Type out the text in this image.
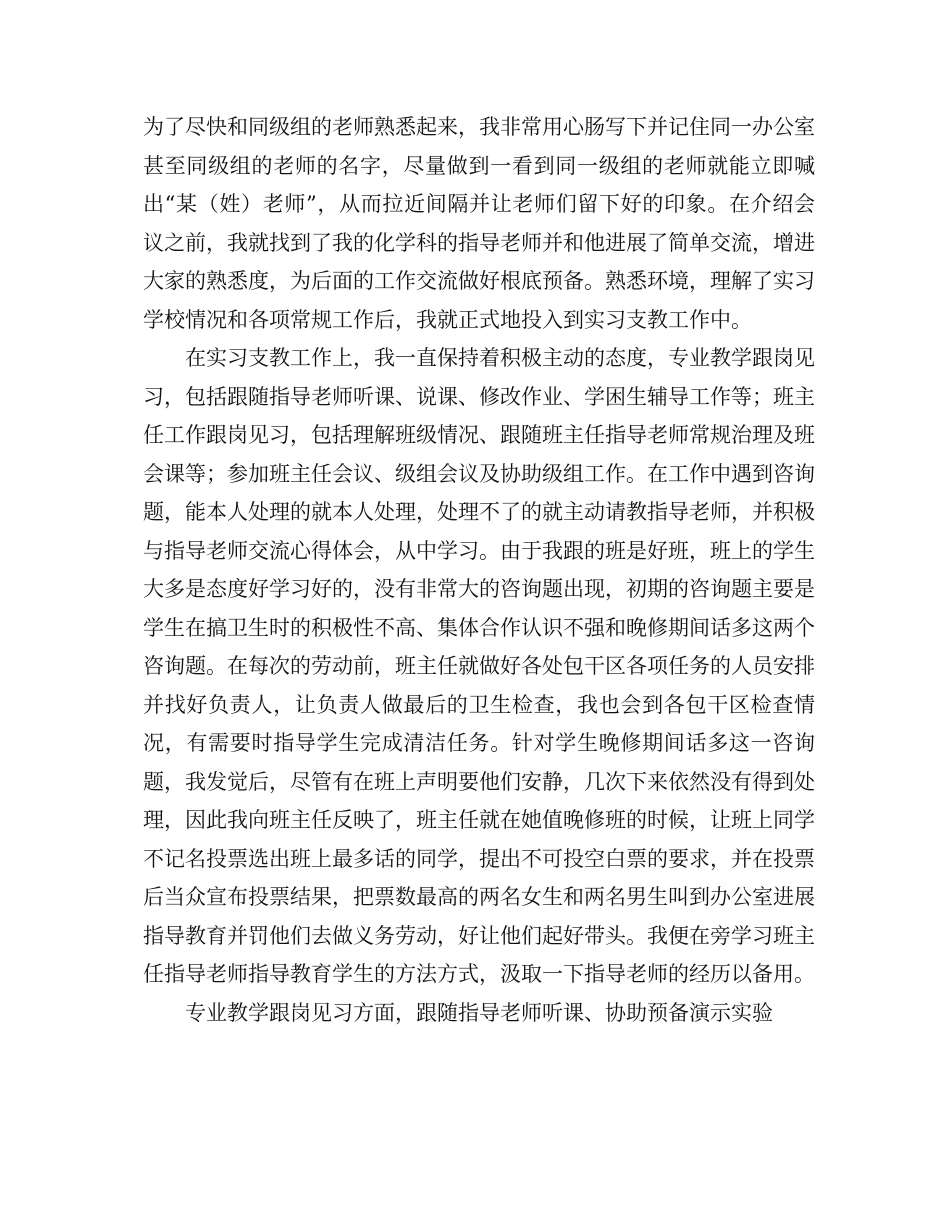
为了尽快和同级组的老师熟悉起来，我非常用心肠写下并记住同一办公室甚至同级组的老师的名字，尽量做到一看到同一级组的老师就能立即喊出“某（姓）老师”，从而拉近间隔并让老师们留下好的印象。在介绍会议之前，我就找到了我的化学科的指导老师并和他进展了简单交流，增进大家的熟悉度，为后面的工作交流做好根底预备。熟悉环境，理解了实习学校情况和各项常规工作后，我就正式地投入到实习支教工作中。

在实习支教工作上，我一直保持着积极主动的态度，专业教学跟岗见习，包括跟随指导老师听课、说课、修改作业、学困生辅导工作等；班主任工作跟岗见习，包括理解班级情况、跟随班主任指导老师常规治理及班会课等；参加班主任会议、级组会议及协助级组工作。在工作中遇到咨询题，能本人处理的就本人处理，处理不了的就主动请教指导老师，并积极与指导老师交流心得体会，从中学习。由于我跟的班是好班，班上的学生大多是态度好学习好的，没有非常大的咨询题出现，初期的咨询题主要是学生在搞卫生时的积极性不高、集体合作认识不强和晚修期间话多这两个咨询题。在每次的劳动前，班主任就做好各处包干区各项任务的人员安排并找好负责人，让负责人做最后的卫生检查，我也会到各包干区检查情况，有需要时指导学生完成清洁任务。针对学生晚修期间话多这一咨询题，我发觉后，尽管有在班上声明要他们安静，几次下来依然没有得到处理，因此我向班主任反映了，班主任就在她值晚修班的时候，让班上同学不记名投票选出班上最多话的同学，提出不可投空白票的要求，并在投票后当众宣布投票结果，把票数最高的两名女生和两名男生叫到办公室进展指导教育并罚他们去做义务劳动，好让他们起好带头。我便在旁学习班主任指导老师指导教育学生的方法方式，汲取一下指导老师的经历以备用。

专业教学跟岗见习方面，跟随指导老师听课、协助预备演示实验
